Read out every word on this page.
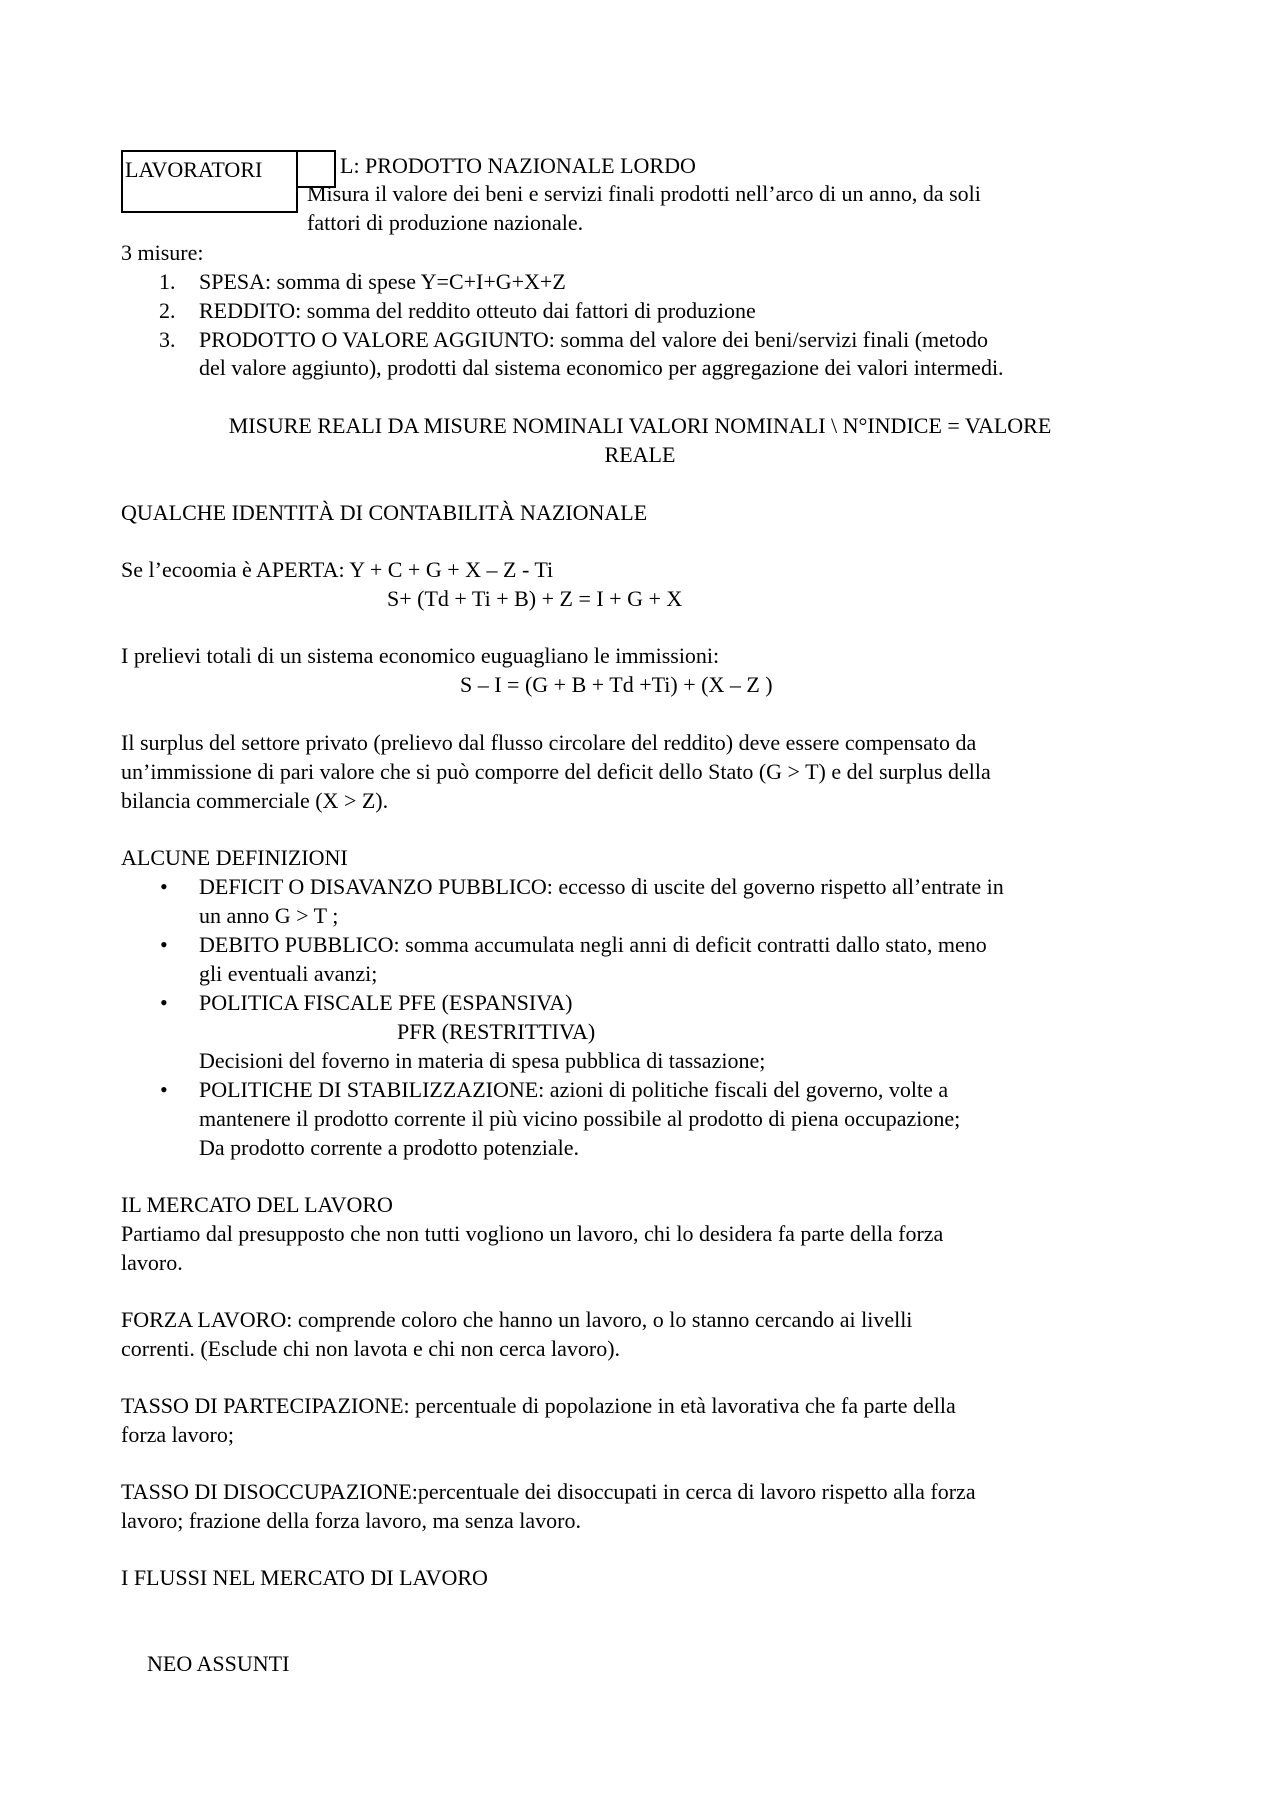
LAVORATORI	L: PRODOTTO NAZIONALE LORDO
Misura il valore dei beni e servizi finali prodotti nell’arco di un anno, da soli
fattori di produzione nazionale.
3 misure:
1. SPESA: somma di spese Y=C+I+G+X+Z
2. REDDITO: somma del reddito otteuto dai fattori di produzione
3. PRODOTTO O VALORE AGGIUNTO: somma del valore dei beni/servizi finali (metodo
del valore aggiunto), prodotti dal sistema economico per aggregazione dei valori intermedi.
MISURE REALI DA MISURE NOMINALI VALORI NOMINALI \ N°INDICE = VALORE
REALE
QUALCHE IDENTITÀ DI CONTABILITÀ NAZIONALE
Se l’ecoomia è APERTA: Y + C + G + X – Z - Ti
S+ (Td + Ti + B) + Z = I + G + X
I prelievi totali di un sistema economico euguagliano le immissioni:
S – I = (G + B + Td +Ti) + (X – Z )
Il surplus del settore privato (prelievo dal flusso circolare del reddito) deve essere compensato da
un’immissione di pari valore che si può comporre del deficit dello Stato (G > T) e del surplus della
bilancia commerciale (X > Z).
ALCUNE DEFINIZIONI
• DEFICIT O DISAVANZO PUBBLICO: eccesso di uscite del governo rispetto all’entrate in
un anno G > T ;
• DEBITO PUBBLICO: somma accumulata negli anni di deficit contratti dallo stato, meno
gli eventuali avanzi;
• POLITICA FISCALE PFE (ESPANSIVA)
PFR (RESTRITTIVA)
Decisioni del foverno in materia di spesa pubblica di tassazione;
• POLITICHE DI STABILIZZAZIONE: azioni di politiche fiscali del governo, volte a
mantenere il prodotto corrente il più vicino possibile al prodotto di piena occupazione;
Da prodotto corrente a prodotto potenziale.
IL MERCATO DEL LAVORO
Partiamo dal presupposto che non tutti vogliono un lavoro, chi lo desidera fa parte della forza
lavoro.
FORZA LAVORO: comprende coloro che hanno un lavoro, o lo stanno cercando ai livelli
correnti. (Esclude chi non lavota e chi non cerca lavoro).
TASSO DI PARTECIPAZIONE: percentuale di popolazione in età lavorativa che fa parte della
forza lavoro;
TASSO DI DISOCCUPAZIONE:percentuale dei disoccupati in cerca di lavoro rispetto alla forza
lavoro; frazione della forza lavoro, ma senza lavoro.
I FLUSSI NEL MERCATO DI LAVORO
NEO ASSUNTI
